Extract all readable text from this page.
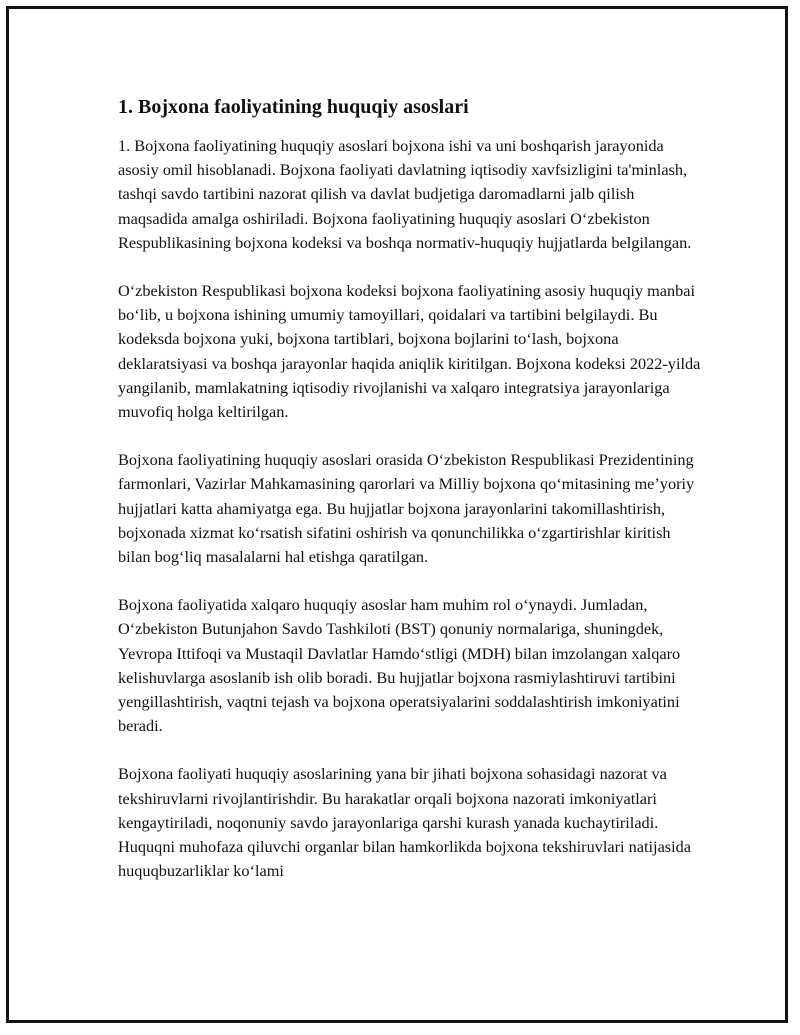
1. Bojxona faoliyatining huquqiy asoslari

1. Bojxona faoliyatining huquqiy asoslari bojxona ishi va uni boshqarish jarayonida asosiy omil hisoblanadi. Bojxona faoliyati davlatning iqtisodiy xavfsizligini ta'minlash, tashqi savdo tartibini nazorat qilish va davlat budjetiga daromadlarni jalb qilish maqsadida amalga oshiriladi. Bojxona faoliyatining huquqiy asoslari O‘zbekiston Respublikasining bojxona kodeksi va boshqa normativ-huquqiy hujjatlarda belgilangan.

O‘zbekiston Respublikasi bojxona kodeksi bojxona faoliyatining asosiy huquqiy manbai bo‘lib, u bojxona ishining umumiy tamoyillari, qoidalari va tartibini belgilaydi. Bu kodeksda bojxona yuki, bojxona tartiblari, bojxona bojlarini to‘lash, bojxona deklaratsiyasi va boshqa jarayonlar haqida aniqlik kiritilgan. Bojxona kodeksi 2022-yilda yangilanib, mamlakatning iqtisodiy rivojlanishi va xalqaro integratsiya jarayonlariga muvofiq holga keltirilgan.

Bojxona faoliyatining huquqiy asoslari orasida O‘zbekiston Respublikasi Prezidentining farmonlari, Vazirlar Mahkamasining qarorlari va Milliy bojxona qo‘mitasining me’yoriy hujjatlari katta ahamiyatga ega. Bu hujjatlar bojxona jarayonlarini takomillashtirish, bojxonada xizmat ko‘rsatish sifatini oshirish va qonunchilikka o‘zgartirishlar kiritish bilan bog‘liq masalalarni hal etishga qaratilgan.

Bojxona faoliyatida xalqaro huquqiy asoslar ham muhim rol o‘ynaydi. Jumladan, O‘zbekiston Butunjahon Savdo Tashkiloti (BST) qonuniy normalariga, shuningdek, Yevropa Ittifoqi va Mustaqil Davlatlar Hamdo‘stligi (MDH) bilan imzolangan xalqaro kelishuvlarga asoslanib ish olib boradi. Bu hujjatlar bojxona rasmiylashtiruvi tartibini yengillashtirish, vaqtni tejash va bojxona operatsiyalarini soddalashtirish imkoniyatini beradi.

Bojxona faoliyati huquqiy asoslarining yana bir jihati bojxona sohasidagi nazorat va tekshiruvlarni rivojlantirishdir. Bu harakatlar orqali bojxona nazorati imkoniyatlari kengaytiriladi, noqonuniy savdo jarayonlariga qarshi kurash yanada kuchaytiriladi. Huquqni muhofaza qiluvchi organlar bilan hamkorlikda bojxona tekshiruvlari natijasida huquqbuzarliklar ko‘lami
